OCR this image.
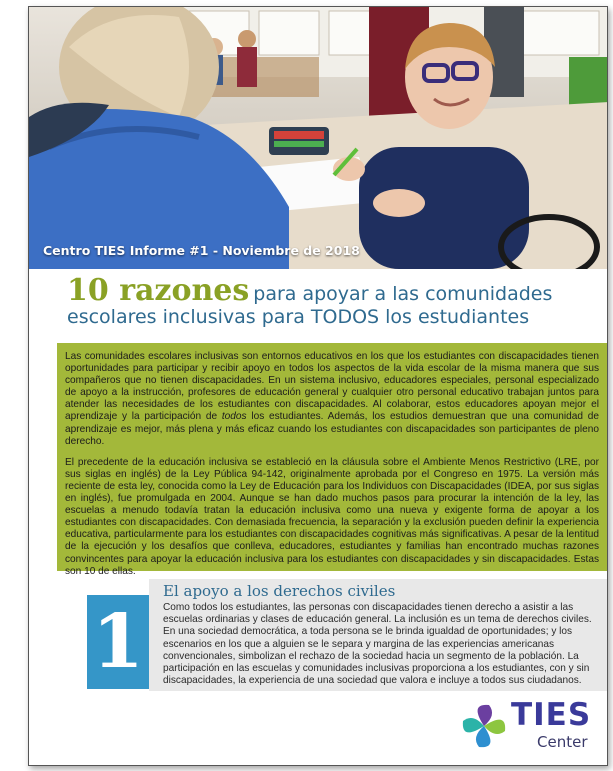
Centro TIES Informe #1 - Noviembre de 2018
10 razones para apoyar a las comunidades
escolares inclusivas para TODOS los estudiantes

Las comunidades escolares inclusivas son entornos educativos en los que los estudiantes con discapacidades tienen oportunidades para participar y recibir apoyo en todos los aspectos de la vida escolar de la misma manera que sus compañeros que no tienen discapacidades. En un sistema inclusivo, educadores especiales, personal especializado de apoyo a la instrucción, profesores de educación general y cualquier otro personal educativo trabajan juntos para atender las necesidades de los estudiantes con discapacidades. Al colaborar, estos educadores apoyan mejor el aprendizaje y la participación de todos los estudiantes. Además, los estudios demuestran que una comunidad de aprendizaje es mejor, más plena y más eficaz cuando los estudiantes con discapacidades son participantes de pleno derecho.

El precedente de la educación inclusiva se estableció en la cláusula sobre el Ambiente Menos Restrictivo (LRE, por sus siglas en inglés) de la Ley Pública 94-142, originalmente aprobada por el Congreso en 1975. La versión más reciente de esta ley, conocida como la Ley de Educación para los Individuos con Discapacidades (IDEA, por sus siglas en inglés), fue promulgada en 2004. Aunque se han dado muchos pasos para procurar la intención de la ley, las escuelas a menudo todavía tratan la educación inclusiva como una nueva y exigente forma de apoyar a los estudiantes con discapacidades. Con demasiada frecuencia, la separación y la exclusión pueden definir la experiencia educativa, particularmente para los estudiantes con discapacidades cognitivas más significativas. A pesar de la lentitud de la ejecución y los desafíos que conlleva, educadores, estudiantes y familias han encontrado muchas razones convincentes para apoyar la educación inclusiva para los estudiantes con discapacidades y sin discapacidades. Estas son 10 de ellas.

El apoyo a los derechos civiles
Como todos los estudiantes, las personas con discapacidades tienen derecho a asistir a las escuelas ordinarias y clases de educación general. La inclusión es un tema de derechos civiles. En una sociedad democrática, a toda persona se le brinda igualdad de oportunidades; y los escenarios en los que a alguien se le separa y margina de las experiencias americanas convencionales, simbolizan el rechazo de la sociedad hacia un segmento de la población. La participación en las escuelas y comunidades inclusivas proporciona a los estudiantes, con y sin discapacidades, la experiencia de una sociedad que valora e incluye a todos sus ciudadanos.
1
TIES
Center
